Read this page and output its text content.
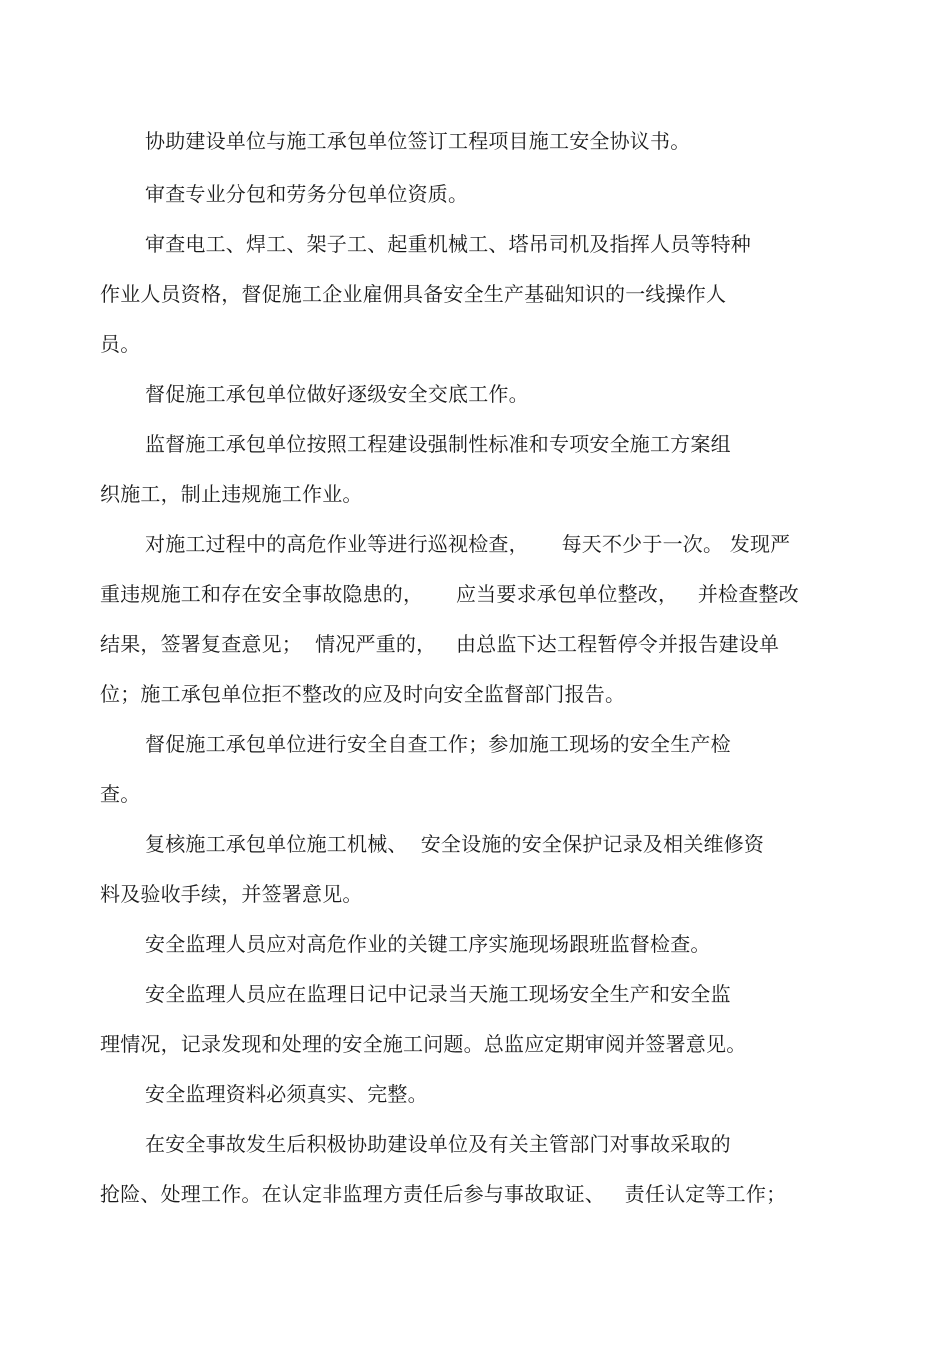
协助建设单位与施工承包单位签订工程项目施工安全协议书。
审查专业分包和劳务分包单位资质。
审查电工、焊工、架子工、起重机械工、塔吊司机及指挥人员等特种
作业人员资格，督促施工企业雇佣具备安全生产基础知识的一线操作人
员。
督促施工承包单位做好逐级安全交底工作。
监督施工承包单位按照工程建设强制性标准和专项安全施工方案组
织施工，制止违规施工作业。
对施工过程中的高危作业等进行巡视检查，     每天不少于一次。 发现严
重违规施工和存在安全事故隐患的，     应当要求承包单位整改，   并检查整改
结果，签署复查意见；  情况严重的，   由总监下达工程暂停令并报告建设单
位；施工承包单位拒不整改的应及时向安全监督部门报告。
督促施工承包单位进行安全自查工作；参加施工现场的安全生产检
查。
复核施工承包单位施工机械、  安全设施的安全保护记录及相关维修资
料及验收手续，并签署意见。
安全监理人员应对高危作业的关键工序实施现场跟班监督检查。
安全监理人员应在监理日记中记录当天施工现场安全生产和安全监
理情况，记录发现和处理的安全施工问题。总监应定期审阅并签署意见。
安全监理资料必须真实、完整。
在安全事故发生后积极协助建设单位及有关主管部门对事故采取的
抢险、处理工作。在认定非监理方责任后参与事故取证、   责任认定等工作；
